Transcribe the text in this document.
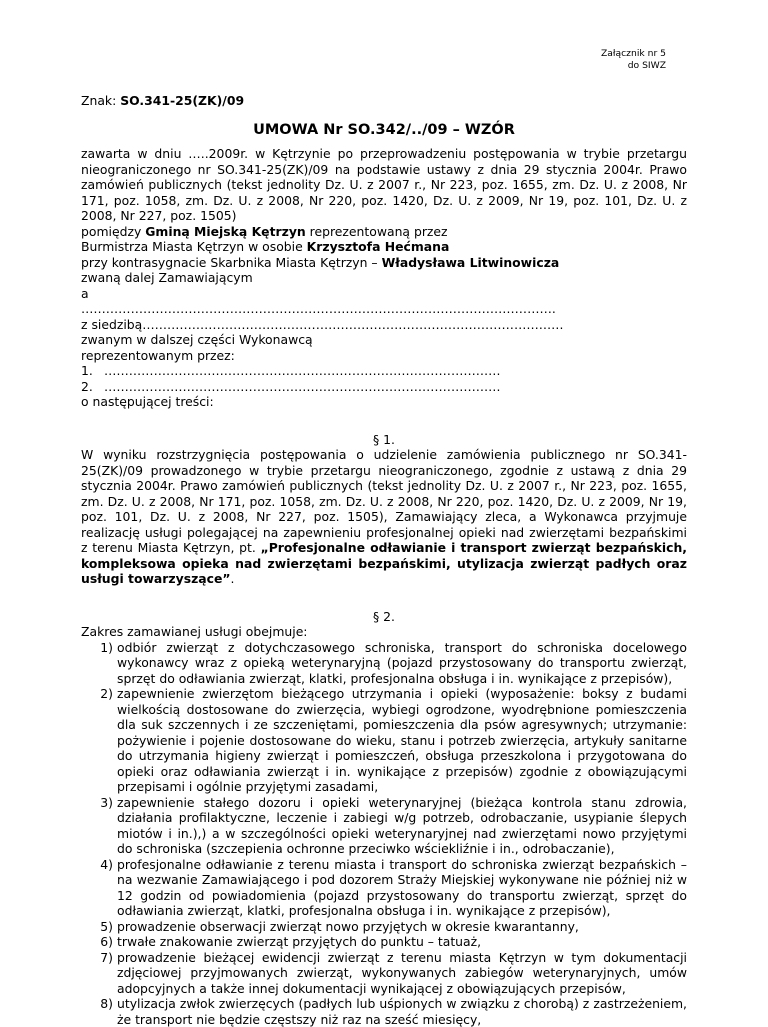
Załącznik nr 5
do SIWZ
Znak: SO.341-25(ZK)/09
UMOWA Nr SO.342/../09 – WZÓR

zawarta w dniu .….2009r. w Kętrzynie po przeprowadzeniu postępowania w trybie przetargu nieograniczonego nr SO.341-25(ZK)/09 na podstawie ustawy z dnia 29 stycznia 2004r. Prawo zamówień publicznych (tekst jednolity Dz. U. z 2007 r., Nr 223, poz. 1655, zm. Dz. U. z 2008, Nr 171, poz. 1058, zm. Dz. U. z 2008, Nr 220, poz. 1420, Dz. U. z 2009, Nr 19, poz. 101, Dz. U. z 2008, Nr 227, poz. 1505)

pomiędzy Gminą Miejską Kętrzyn reprezentowaną przez
Burmistrza Miasta Kętrzyn w osobie Krzysztofa Hećmana
przy kontrasygnacie Skarbnika Miasta Kętrzyn – Władysława Litwinowicza
zwaną dalej Zamawiającym
a
…………………………………………………………………………………………………….
z siedzibą…………………………………………………………………………………………
zwanym w dalszej części Wykonawcą
reprezentowanym przez:
1. ……………………………………………………………………………………
2. ……………………………………………………………………………………
o następującej treści:
§ 1.

W wyniku rozstrzygnięcia postępowania o udzielenie zamówienia publicznego nr SO.341-25(ZK)/09 prowadzonego w trybie przetargu nieograniczonego, zgodnie z ustawą z dnia 29 stycznia 2004r. Prawo zamówień publicznych (tekst jednolity Dz. U. z 2007 r., Nr 223, poz. 1655, zm. Dz. U. z 2008, Nr 171, poz. 1058, zm. Dz. U. z 2008, Nr 220, poz. 1420, Dz. U. z 2009, Nr 19, poz. 101, Dz. U. z 2008, Nr 227, poz. 1505), Zamawiający zleca, a Wykonawca przyjmuje realizację usługi polegającej na zapewnieniu profesjonalnej opieki nad zwierzętami bezpańskimi z terenu Miasta Kętrzyn, pt. „Profesjonalne odławianie i transport zwierząt bezpańskich, kompleksowa opieka nad zwierzętami bezpańskimi, utylizacja zwierząt padłych oraz usługi towarzyszące”.

§ 2.
Zakres zamawianej usługi obejmuje:
1) odbiór zwierząt z dotychczasowego schroniska, transport do schroniska docelowego wykonawcy wraz z opieką weterynaryjną (pojazd przystosowany do transportu zwierząt, sprzęt do odławiania zwierząt, klatki, profesjonalna obsługa i in. wynikające z przepisów),
2) zapewnienie zwierzętom bieżącego utrzymania i opieki (wyposażenie: boksy z budami wielkością dostosowane do zwierzęcia, wybiegi ogrodzone, wyodrębnione pomieszczenia dla suk szczennych i ze szczeniętami, pomieszczenia dla psów agresywnych; utrzymanie: pożywienie i pojenie dostosowane do wieku, stanu i potrzeb zwierzęcia, artykuły sanitarne do utrzymania higieny zwierząt i pomieszczeń, obsługa przeszkolona i przygotowana do opieki oraz odławiania zwierząt i in. wynikające z przepisów) zgodnie z obowiązującymi przepisami i ogólnie przyjętymi zasadami,
3) zapewnienie stałego dozoru i opieki weterynaryjnej (bieżąca kontrola stanu zdrowia, działania profilaktyczne, leczenie i zabiegi w/g potrzeb, odrobaczanie, usypianie ślepych miotów i in.),) a w szczególności opieki weterynaryjnej nad zwierzętami nowo przyjętymi do schroniska (szczepienia ochronne przeciwko wściekliźnie i in., odrobaczanie),
4) profesjonalne odławianie z terenu miasta i transport do schroniska zwierząt bezpańskich – na wezwanie Zamawiającego i pod dozorem Straży Miejskiej wykonywane nie później niż w 12 godzin od powiadomienia (pojazd przystosowany do transportu zwierząt, sprzęt do odławiania zwierząt, klatki, profesjonalna obsługa i in. wynikające z przepisów),
5) prowadzenie obserwacji zwierząt nowo przyjętych w okresie kwarantanny,
6) trwałe znakowanie zwierząt przyjętych do punktu – tatuaż,
7) prowadzenie bieżącej ewidencji zwierząt z terenu miasta Kętrzyn w tym dokumentacji zdjęciowej przyjmowanych zwierząt, wykonywanych zabiegów weterynaryjnych, umów adopcyjnych a także innej dokumentacji wynikającej z obowiązujących przepisów,
8) utylizacja zwłok zwierzęcych (padłych lub uśpionych w związku z chorobą) z zastrzeżeniem, że transport nie będzie częstszy niż raz na sześć miesięcy,
